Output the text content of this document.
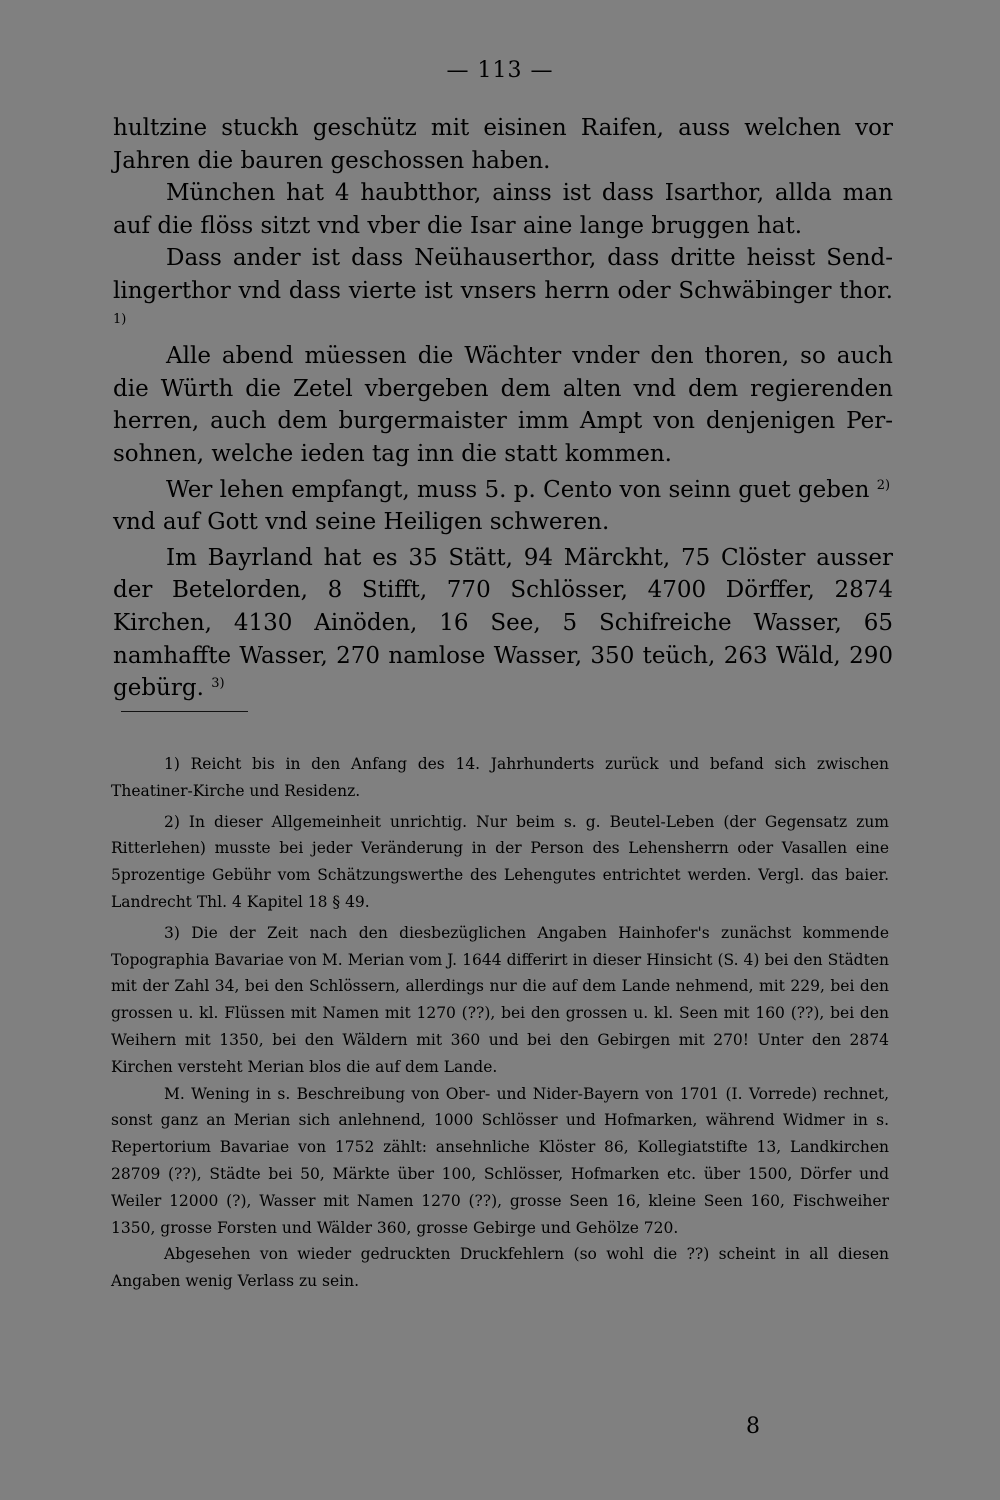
— 113 —

hultzine stuckh geschütz mit eisinen Raifen, auss welchen vor Jahren die bauren geschossen haben.

München hat 4 haubtthor, ainss ist dass Isarthor, allda man auf die flöss sitzt vnd vber die Isar aine lange bruggen hat.

Dass ander ist dass Neühauserthor, dass dritte heisst Sendlingerthor vnd dass vierte ist vnsers herrn oder Schwäbinger thor. $^{1)}$

Alle abend müessen die Wächter vnder den thoren, so auch die Würth die Zetel vbergeben dem alten vnd dem regierenden herren, auch dem burgermaister imm Ampt von denjenigen Persohnen, welche ieden tag inn die statt kommen.

Wer lehen empfangt, muss 5. p. Cento von seinn guet geben $^{2)}$

vnd auf Gott vnd seine Heiligen schweren.

Im Bayrland hat es 35 Stätt, 94 Märckht, 75 Clöster ausser der Betelorden, 8 Stifft, 770 Schlösser, 4700 Dörffer, 2874 Kirchen, 4130 Ainöden, 16 See, 5 Schifreiche Wasser, 65 namhaffte Wasser, 270 namlose Wasser, 350 teüch, 263 Wäld, 290 gebürg. $^{3)}$

1) Reicht bis in den Anfang des 14. Jahrhunderts zurück und befand sich zwischen Theatiner-Kirche und Residenz.

2) In dieser Allgemeinheit unrichtig. Nur beim s. g. Beutel-Leben (der Gegensatz zum Ritterlehen) musste bei jeder Veränderung in der Person des Lehensherrn oder Vasallen eine 5prozentige Gebühr vom Schätzungswerthe des Lehengutes entrichtet werden. Vergl. das baier. Landrecht Thl. 4 Kapitel 18 § 49.

3) Die der Zeit nach den diesbezüglichen Angaben Hainhofer's zunächst kommende Topographia Bavariae von M. Merian vom J. 1644 differirt in dieser Hinsicht (S. 4) bei den Städten mit der Zahl 34, bei den Schlössern, allerdings nur die auf dem Lande nehmend, mit 229, bei den grossen u. kl. Flüssen mit Namen mit 1270 (??), bei den grossen u. kl. Seen mit 160 (??), bei den Weihern mit 1350, bei den Wäldern mit 360 und bei den Gebirgen mit 270! Unter den 2874 Kirchen versteht Merian blos die auf dem Lande.

M. Wening in s. Beschreibung von Ober- und Nider-Bayern von 1701 (I. Vorrede) rechnet, sonst ganz an Merian sich anlehnend, 1000 Schlösser und Hofmarken, während Widmer in s. Repertorium Bavariae von 1752 zählt: ansehnliche Klöster 86, Kollegiatstifte 13, Landkirchen 28709 (??), Städte bei 50, Märkte über 100, Schlösser, Hofmarken etc. über 1500, Dörfer und Weiler 12000 (?), Wasser mit Namen 1270 (??), grosse Seen 16, kleine Seen 160, Fischweiher 1350, grosse Forsten und Wälder 360, grosse Gebirge und Gehölze 720.

Abgesehen von wieder gedruckten Druckfehlern (so wohl die ??) scheint in all diesen Angaben wenig Verlass zu sein.

8
